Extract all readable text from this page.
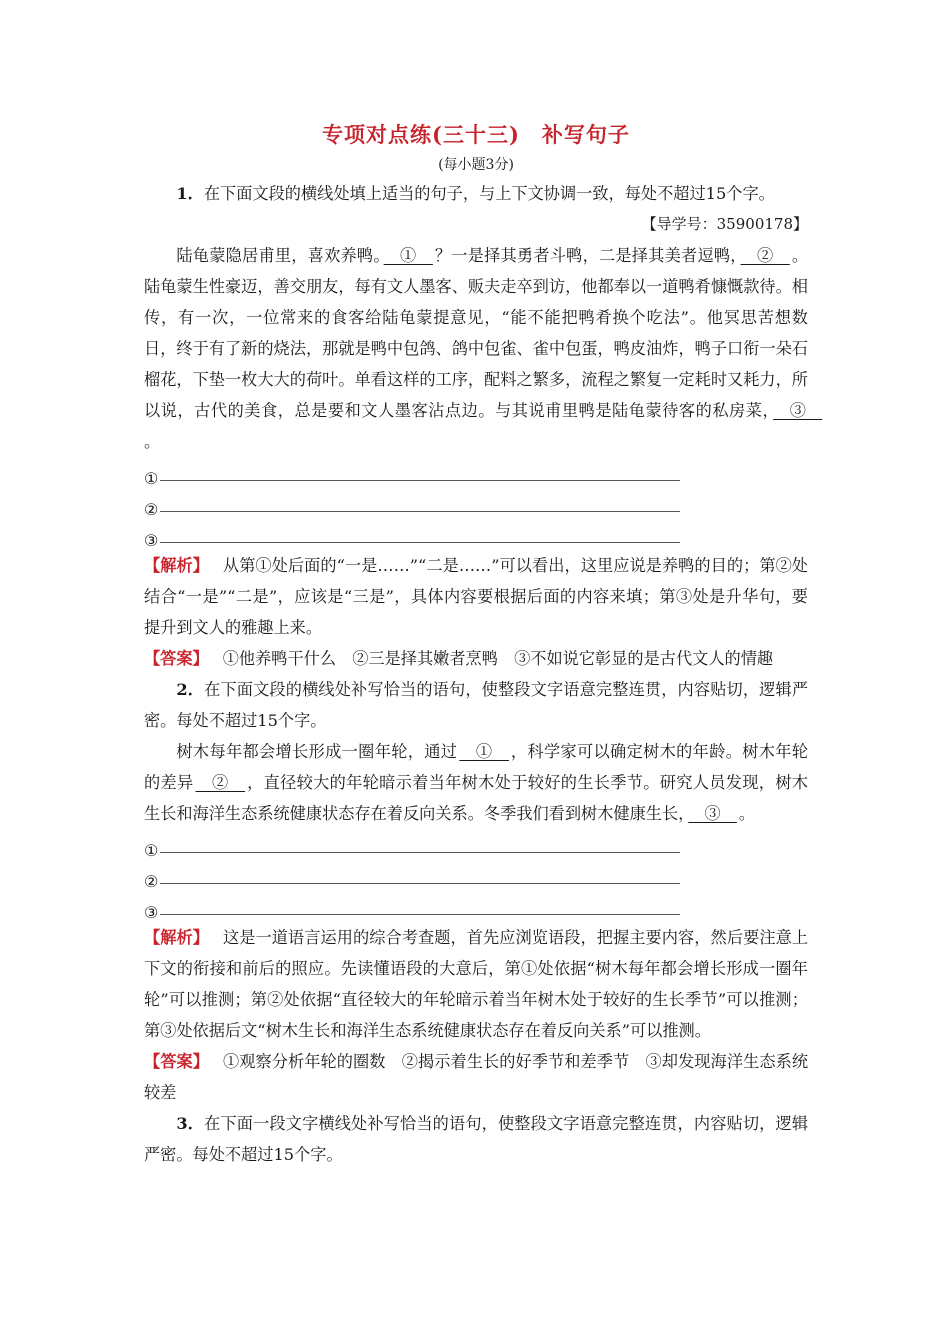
专项对点练(三十三)　补写句子
(每小题3分)

1．在下面文段的横线处填上适当的句子，与上下文协调一致，每处不超过15个字。

【导学号：35900178】

陆龟蒙隐居甫里，喜欢养鸭。　①　？一是择其勇者斗鸭，二是择其美者逗鸭，　②　。陆龟蒙生性豪迈，善交朋友，每有文人墨客、贩夫走卒到访，他都奉以一道鸭肴慷慨款待。相传，有一次，一位常来的食客给陆龟蒙提意见，“能不能把鸭肴换个吃法”。他冥思苦想数日，终于有了新的烧法，那就是鸭中包鸽、鸽中包雀、雀中包蛋，鸭皮油炸，鸭子口衔一朵石榴花，下垫一枚大大的荷叶。单看这样的工序，配料之繁多，流程之繁复一定耗时又耗力，所以说，古代的美食，总是要和文人墨客沾点边。与其说甫里鸭是陆龟蒙待客的私房菜，　③　。

①
②
③

【解析】 从第①处后面的“一是……”“二是……”可以看出，这里应说是养鸭的目的；第②处结合“一是”“二是”，应该是“三是”，具体内容要根据后面的内容来填；第③处是升华句，要提升到文人的雅趣上来。

【答案】 ①他养鸭干什么　②三是择其嫩者烹鸭　③不如说它彰显的是古代文人的情趣

2．在下面文段的横线处补写恰当的语句，使整段文字语意完整连贯，内容贴切，逻辑严密。每处不超过15个字。

树木每年都会增长形成一圈年轮，通过　①　，科学家可以确定树木的年龄。树木年轮的差异　②　，直径较大的年轮暗示着当年树木处于较好的生长季节。研究人员发现，树木生长和海洋生态系统健康状态存在着反向关系。冬季我们看到树木健康生长，　③　。

①
②
③

【解析】 这是一道语言运用的综合考查题，首先应浏览语段，把握主要内容，然后要注意上下文的衔接和前后的照应。先读懂语段的大意后，第①处依据“树木每年都会增长形成一圈年轮”可以推测；第②处依据“直径较大的年轮暗示着当年树木处于较好的生长季节”可以推测；第③处依据后文“树木生长和海洋生态系统健康状态存在着反向关系”可以推测。

【答案】 ①观察分析年轮的圈数　②揭示着生长的好季节和差季节　③却发现海洋生态系统较差

3．在下面一段文字横线处补写恰当的语句，使整段文字语意完整连贯，内容贴切，逻辑严密。每处不超过15个字。
